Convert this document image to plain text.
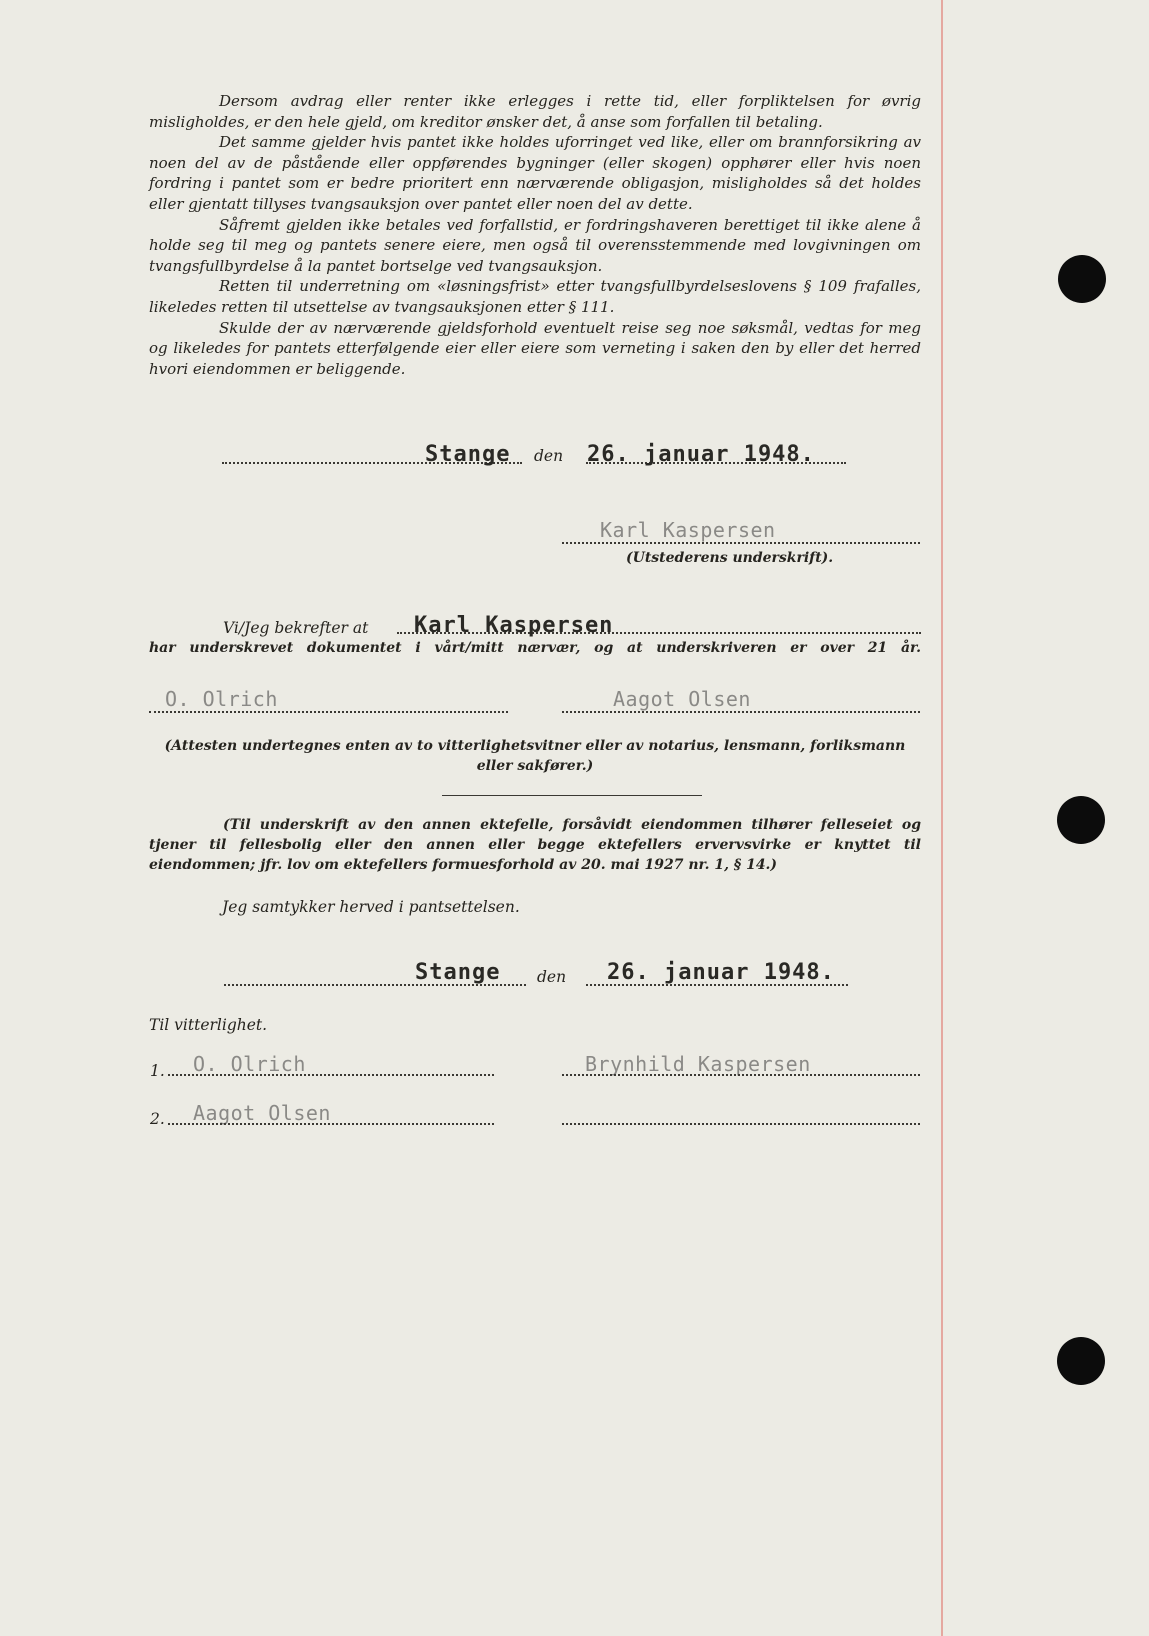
Dersom avdrag eller renter ikke erlegges i rette tid, eller forpliktelsen for øvrig misligholdes, er den hele gjeld, om kreditor ønsker det, å anse som forfallen til betaling.

Det samme gjelder hvis pantet ikke holdes uforringet ved like, eller om brannforsikring av noen del av de påstående eller oppførendes bygninger (eller skogen) opphører eller hvis noen fordring i pantet som er bedre prioritert enn nærværende obligasjon, misligholdes så det holdes eller gjentatt tillyses tvangsauksjon over pantet eller noen del av dette.

Såfremt gjelden ikke betales ved forfallstid, er fordringshaveren berettiget til ikke alene å holde seg til meg og pantets senere eiere, men også til overensstemmende med lovgivningen om tvangsfullbyrdelse å la pantet bortselge ved tvangsauksjon.

Retten til underretning om «løsningsfrist» etter tvangsfullbyrdelseslovens § 109 frafalles, likeledes retten til utsettelse av tvangsauksjonen etter § 111.

Skulde der av nærværende gjeldsforhold eventuelt reise seg noe søksmål, vedtas for meg og likeledes for pantets etterfølgende eier eller eiere som verneting i saken den by eller det herred hvori eiendommen er beliggende.

Stange den 26. januar 1948.
Karl Kaspersen
(Utstederens underskrift).
Vi/Jeg bekrefter at Karl Kaspersen
har underskrevet dokumentet i vårt/mitt nærvær, og at underskriveren er over 21 år.
O. Olrich	Aagot Olsen
(Attesten undertegnes enten av to vitterlighetsvitner eller av notarius, lensmann, forliksmann eller sakfører.)
(Til underskrift av den annen ektefelle, forsåvidt eiendommen tilhører felleseiet og tjener til fellesbolig eller den annen eller begge ektefellers ervervsvirke er knyttet til eiendommen; jfr. lov om ektefellers formuesforhold av 20. mai 1927 nr. 1, § 14.)
Jeg samtykker herved i pantsettelsen.
Stange den 26. januar 1948.
Til vitterlighet.
1. O. Olrich	Brynhild Kaspersen
2. Aagot Olsen
